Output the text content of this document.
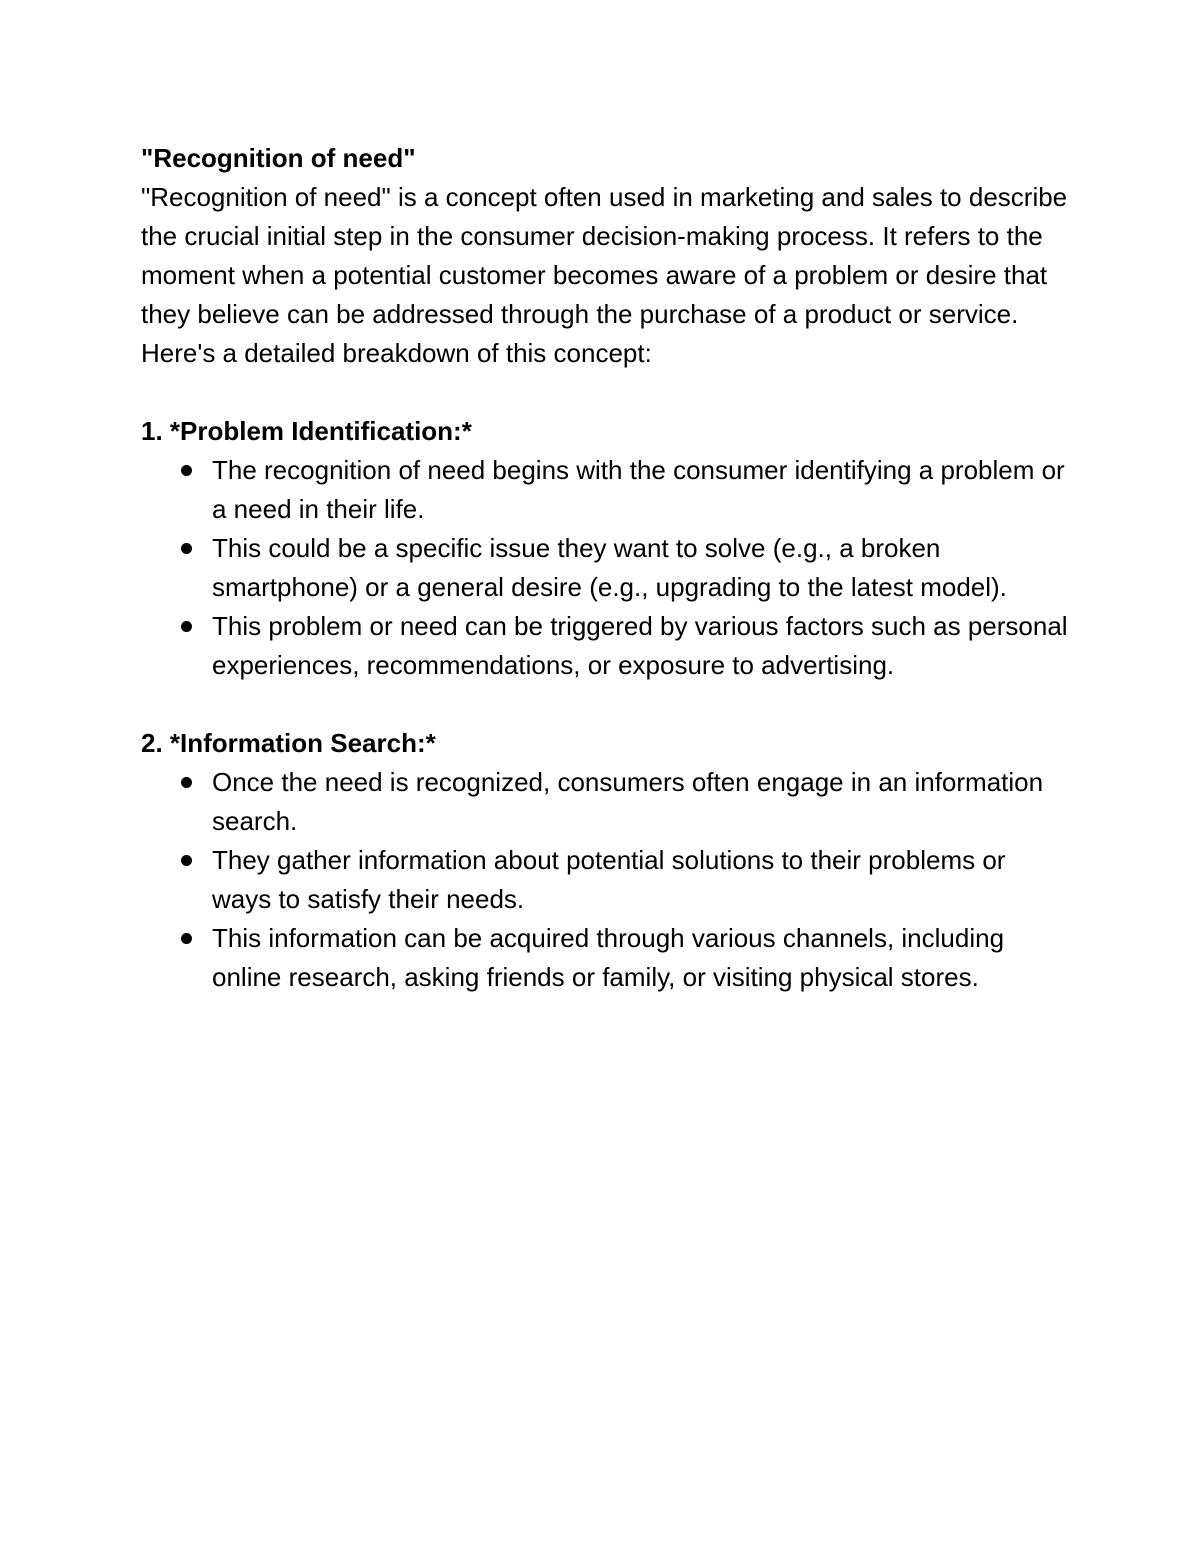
"Recognition of need"

"Recognition of need" is a concept often used in marketing and sales to describe the crucial initial step in the consumer decision-making process. It refers to the moment when a potential customer becomes aware of a problem or desire that they believe can be addressed through the purchase of a product or service. Here's a detailed breakdown of this concept:

1. *Problem Identification:*
The recognition of need begins with the consumer identifying a problem or a need in their life.
This could be a specific issue they want to solve (e.g., a broken smartphone) or a general desire (e.g., upgrading to the latest model).
This problem or need can be triggered by various factors such as personal experiences, recommendations, or exposure to advertising.
2. *Information Search:*
Once the need is recognized, consumers often engage in an information search.
They gather information about potential solutions to their problems or ways to satisfy their needs.
This information can be acquired through various channels, including online research, asking friends or family, or visiting physical stores.
